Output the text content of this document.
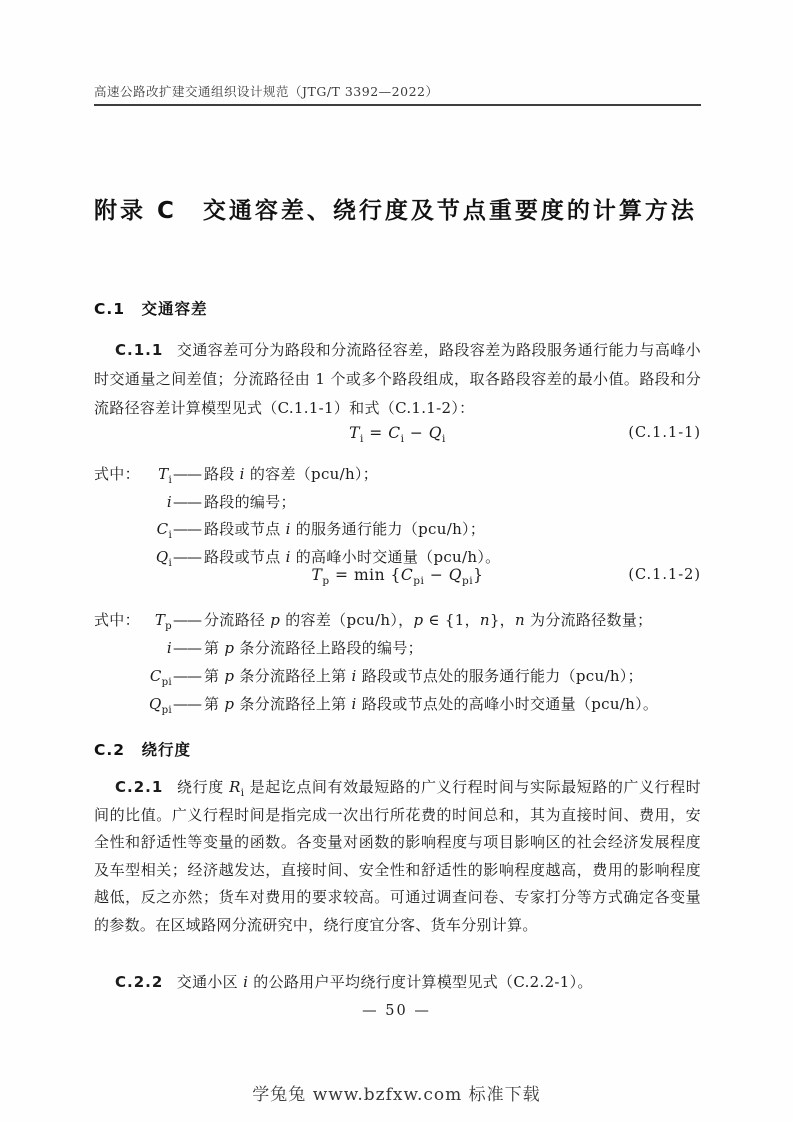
高速公路改扩建交通组织设计规范（JTG/T 3392—2022）
附录 C　交通容差、绕行度及节点重要度的计算方法
C.1　交通容差

C.1.1 交通容差可分为路段和分流路径容差，路段容差为路段服务通行能力与高峰小时交通量之间差值；分流路径由 1 个或多个路段组成，取各路段容差的最小值。路段和分流路径容差计算模型见式（C.1.1-1）和式（C.1.1-2）：

$T_i = C_i - Q_i$	(C.1.1-1)
式中：	$T_i$ —— 路段 i 的容差（pcu/h）；
i —— 路段的编号；
$C_i$ —— 路段或节点 i 的服务通行能力（pcu/h）；
$Q_i$ —— 路段或节点 i 的高峰小时交通量（pcu/h）。
$T_p = \min \{C_{pi} - Q_{pi}\}$	(C.1.1-2)
式中： $T_p$ —— 分流路径 p 的容差（pcu/h），p ∈ {1，n}，n 为分流路径数量；
i —— 第 p 条分流路径上路段的编号；
$C_{pi}$ —— 第 p 条分流路径上第 i 路段或节点处的服务通行能力（pcu/h）；
$Q_{pi}$ —— 第 p 条分流路径上第 i 路段或节点处的高峰小时交通量（pcu/h）。
C.2　绕行度

C.2.1 绕行度 $R_i$ 是起讫点间有效最短路的广义行程时间与实际最短路的广义行程时间的比值。广义行程时间是指完成一次出行所花费的时间总和，其为直接时间、费用，安全性和舒适性等变量的函数。各变量对函数的影响程度与项目影响区的社会经济发展程度及车型相关；经济越发达，直接时间、安全性和舒适性的影响程度越高，费用的影响程度越低，反之亦然；货车对费用的要求较高。可通过调查问卷、专家打分等方式确定各变量的参数。在区域路网分流研究中，绕行度宜分客、货车分别计算。

C.2.2 交通小区 i 的公路用户平均绕行度计算模型见式（C.2.2-1）。

— 50 —
学兔兔 www.bzfxw.com 标准下载
